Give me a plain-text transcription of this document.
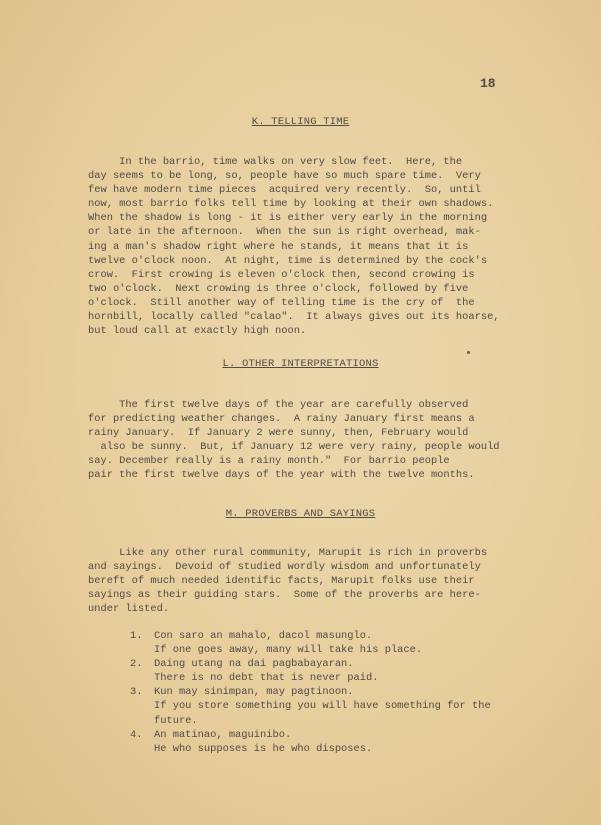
18
K. TELLING TIME
In the barrio, time walks on very slow feet.  Here, the
day seems to be long, so, people have so much spare time.  Very
few have modern time pieces  acquired very recently.  So, until
now, most barrio folks tell time by looking at their own shadows.
When the shadow is long - it is either very early in the morning
or late in the afternoon.  When the sun is right overhead, mak-
ing a man's shadow right where he stands, it means that it is
twelve o'clock noon.  At night, time is determined by the cock's
crow.  First crowing is eleven o'clock then, second crowing is
two o'clock.  Next crowing is three o'clock, followed by five
o'clock.  Still another way of telling time is the cry of  the
hornbill, locally called "calao".  It always gives out its hoarse,
but loud call at exactly high noon.
L. OTHER INTERPRETATIONS
The first twelve days of the year are carefully observed
for predicting weather changes.  A rainy January first means a
rainy January.  If January 2 were sunny, then, February would
also be sunny.  But, if January 12 were very rainy, people would
say. December really is a rainy month."  For barrio people
pair the first twelve days of the year with the twelve months.
M. PROVERBS AND SAYINGS
Like any other rural community, Marupit is rich in proverbs
and sayings.  Devoid of studied wordly wisdom and unfortunately
bereft of much needed identific facts, Marupit folks use their
sayings as their guiding stars.  Some of the proverbs are here-
under listed.
1. Con saro an mahalo, dacol masunglo.
If one goes away, many will take his place.
2. Daing utang na dai pagbabayaran.
There is no debt that is never paid.
3. Kun may sinimpan, may pagtinoon.
If you store something you will have something for the
future.
4. An matinao, maguinibo.
He who supposes is he who disposes.
